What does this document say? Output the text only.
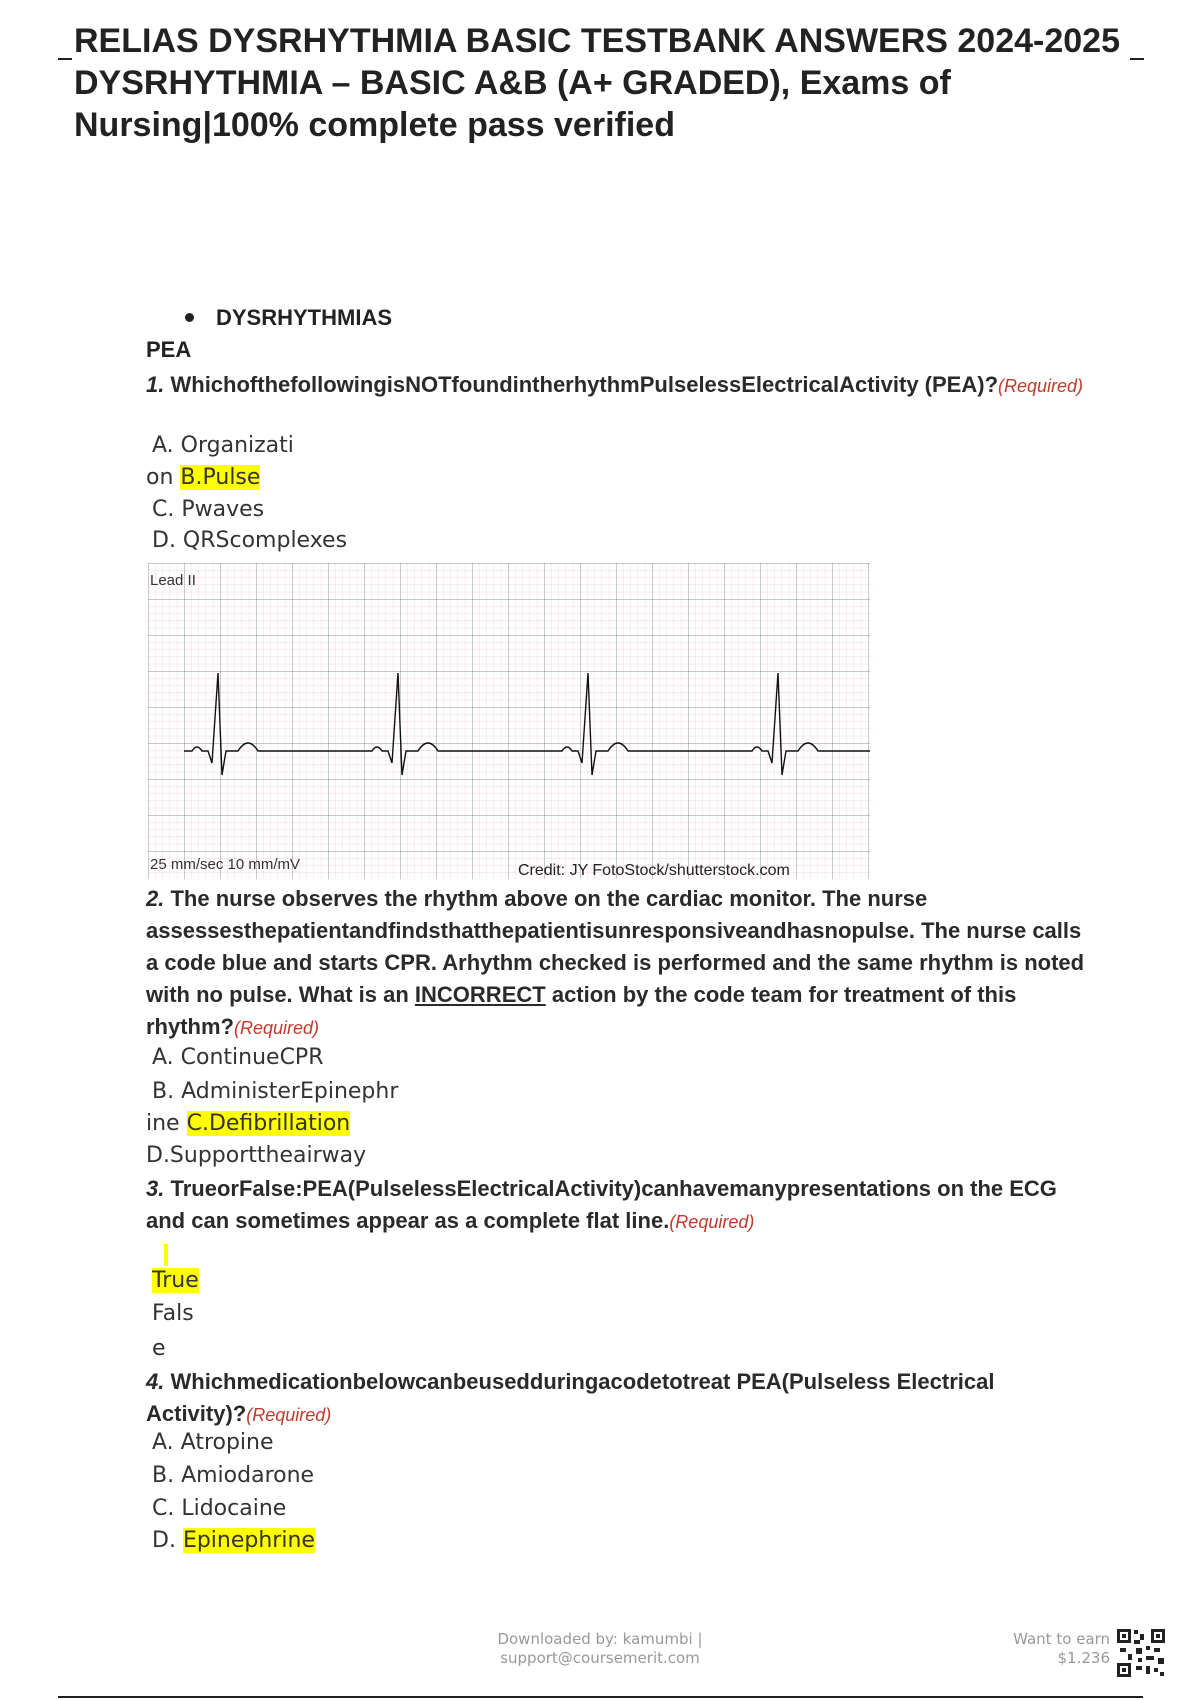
RELIAS DYSRHYTHMIA BASIC TESTBANK ANSWERS 2024-2025 DYSRHYTHMIA – BASIC A&B (A+ GRADED), Exams of Nursing|100% complete pass verified
DYSRHYTHMIAS
PEA
1. WhichofthefollowingisNOTfoundintherhythmPulselessElectricalActivity (PEA)?(Required)
A. Organizati
on B.Pulse
C. Pwaves
D. QRScomplexes
Lead II
25 mm/sec 10 mm/mV	Credit: JY FotoStock/shutterstock.com
2. The nurse observes the rhythm above on the cardiac monitor. The nurse assessesthepatientandfindsthatthepatientisunresponsiveandhasnopulse. The nurse calls a code blue and starts CPR. Arhythm checked is performed and the same rhythm is noted with no pulse. What is an INCORRECT action by the code team for treatment of this rhythm?(Required)
A. ContinueCPR
B. AdministerEpinephr
ine C.Defibrillation
D.Supporttheairway
3. TrueorFalse:PEA(PulselessElectricalActivity)canhavemanypresentations on the ECG and can sometimes appear as a complete flat line.(Required)
True
Fals
e
4. Whichmedicationbelowcanbeusedduringacodetotreat PEA(Pulseless Electrical Activity)?(Required)
A. Atropine
B. Amiodarone
C. Lidocaine
D. Epinephrine
Downloaded by: kamumbi |
support@coursemerit.com
Want to earn
$1.236
